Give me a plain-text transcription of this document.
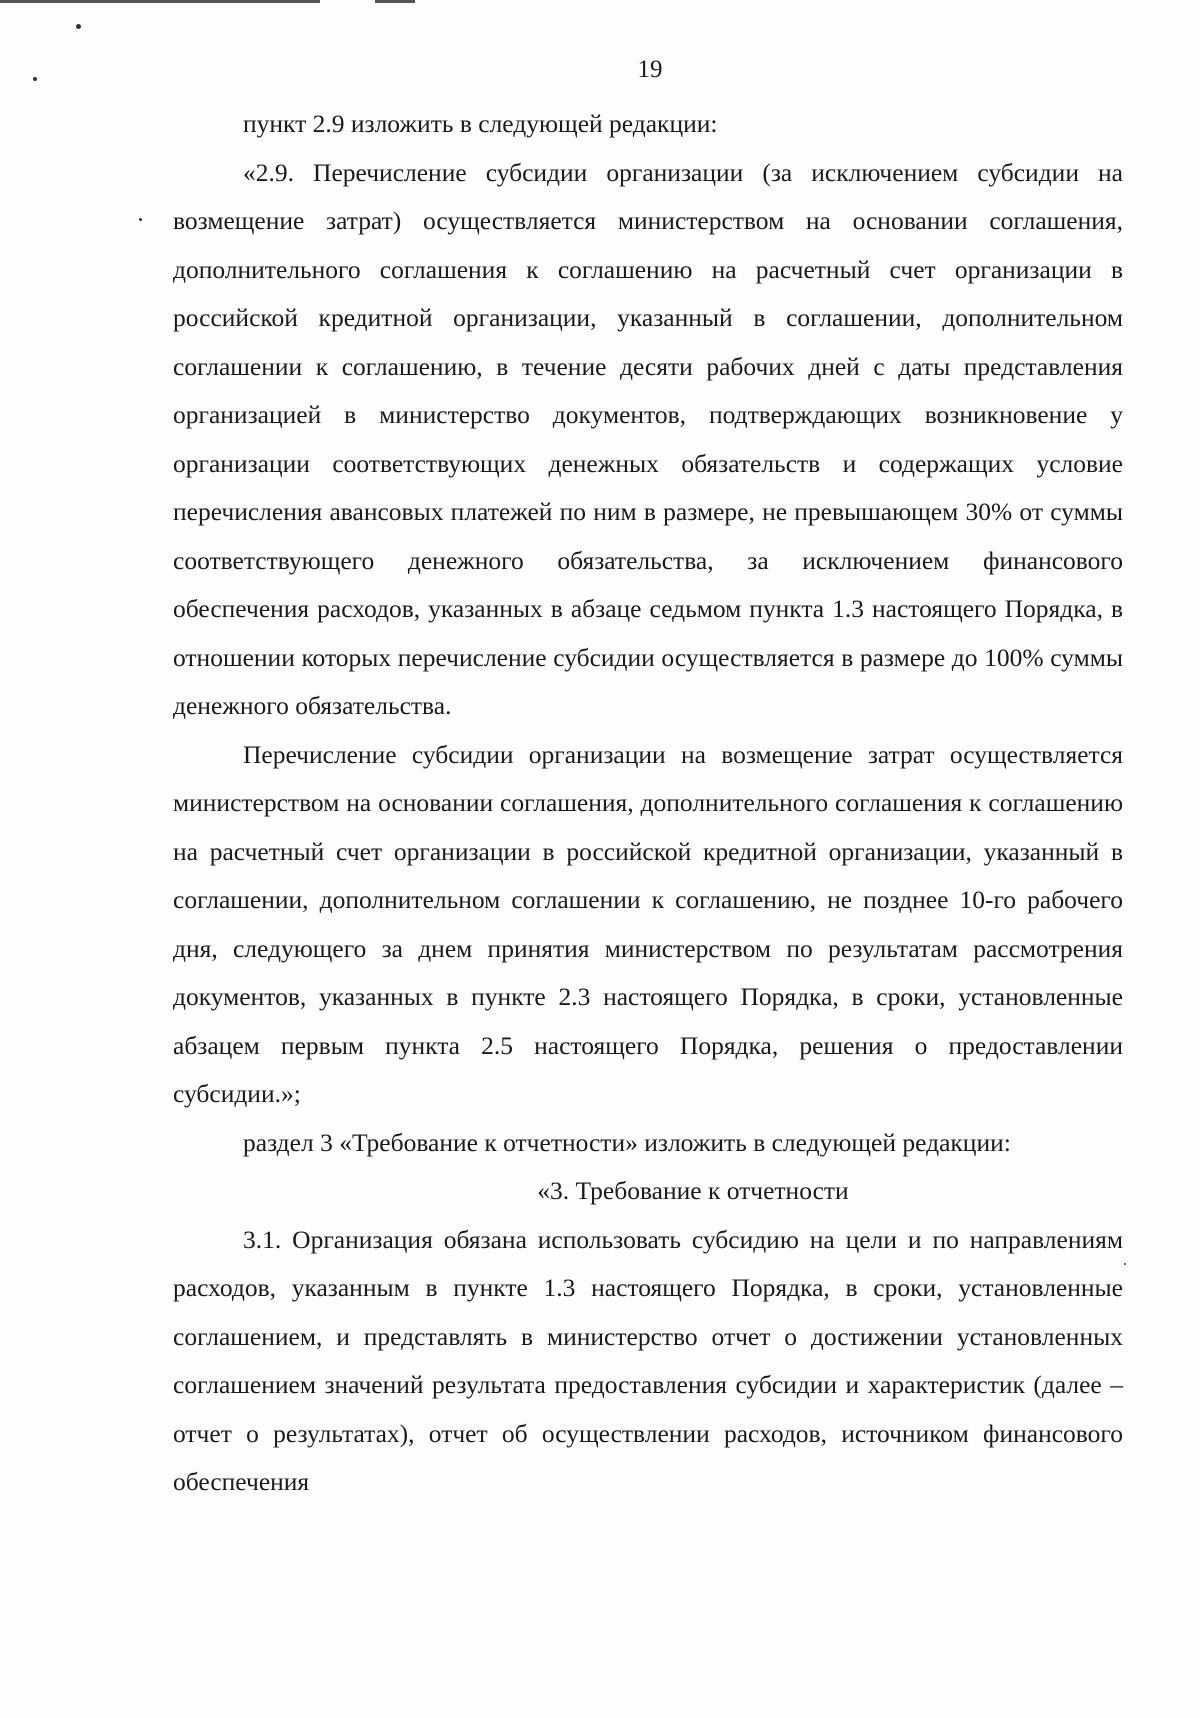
19

пункт 2.9 изложить в следующей редакции:

«2.9. Перечисление субсидии организации (за исключением субсидии на возмещение затрат) осуществляется министерством на основании соглашения, дополнительного соглашения к соглашению на расчетный счет организации в российской кредитной организации, указанный в соглашении, дополнительном соглашении к соглашению, в течение десяти рабочих дней с даты представления организацией в министерство документов, подтверждающих возникновение у организации соответствующих денежных обязательств и содержащих условие перечисления авансовых платежей по ним в размере, не превышающем 30% от суммы соответствующего денежного обязательства, за исключением финансового обеспечения расходов, указанных в абзаце седьмом пункта 1.3 настоящего Порядка, в отношении которых перечисление субсидии осуществляется в размере до 100% суммы денежного обязательства.

Перечисление субсидии организации на возмещение затрат осуществляется министерством на основании соглашения, дополнительного соглашения к соглашению на расчетный счет организации в российской кредитной организации, указанный в соглашении, дополнительном соглашении к соглашению, не позднее 10-го рабочего дня, следующего за днем принятия министерством по результатам рассмотрения документов, указанных в пункте 2.3 настоящего Порядка, в сроки, установленные абзацем первым пункта 2.5 настоящего Порядка, решения о предоставлении субсидии.»;

раздел 3 «Требование к отчетности» изложить в следующей редакции:

«3. Требование к отчетности

3.1. Организация обязана использовать субсидию на цели и по направлениям расходов, указанным в пункте 1.3 настоящего Порядка, в сроки, установленные соглашением, и представлять в министерство отчет о достижении установленных соглашением значений результата предоставления субсидии и характеристик (далее – отчет о результатах), отчет об осуществлении расходов, источником финансового обеспечения
